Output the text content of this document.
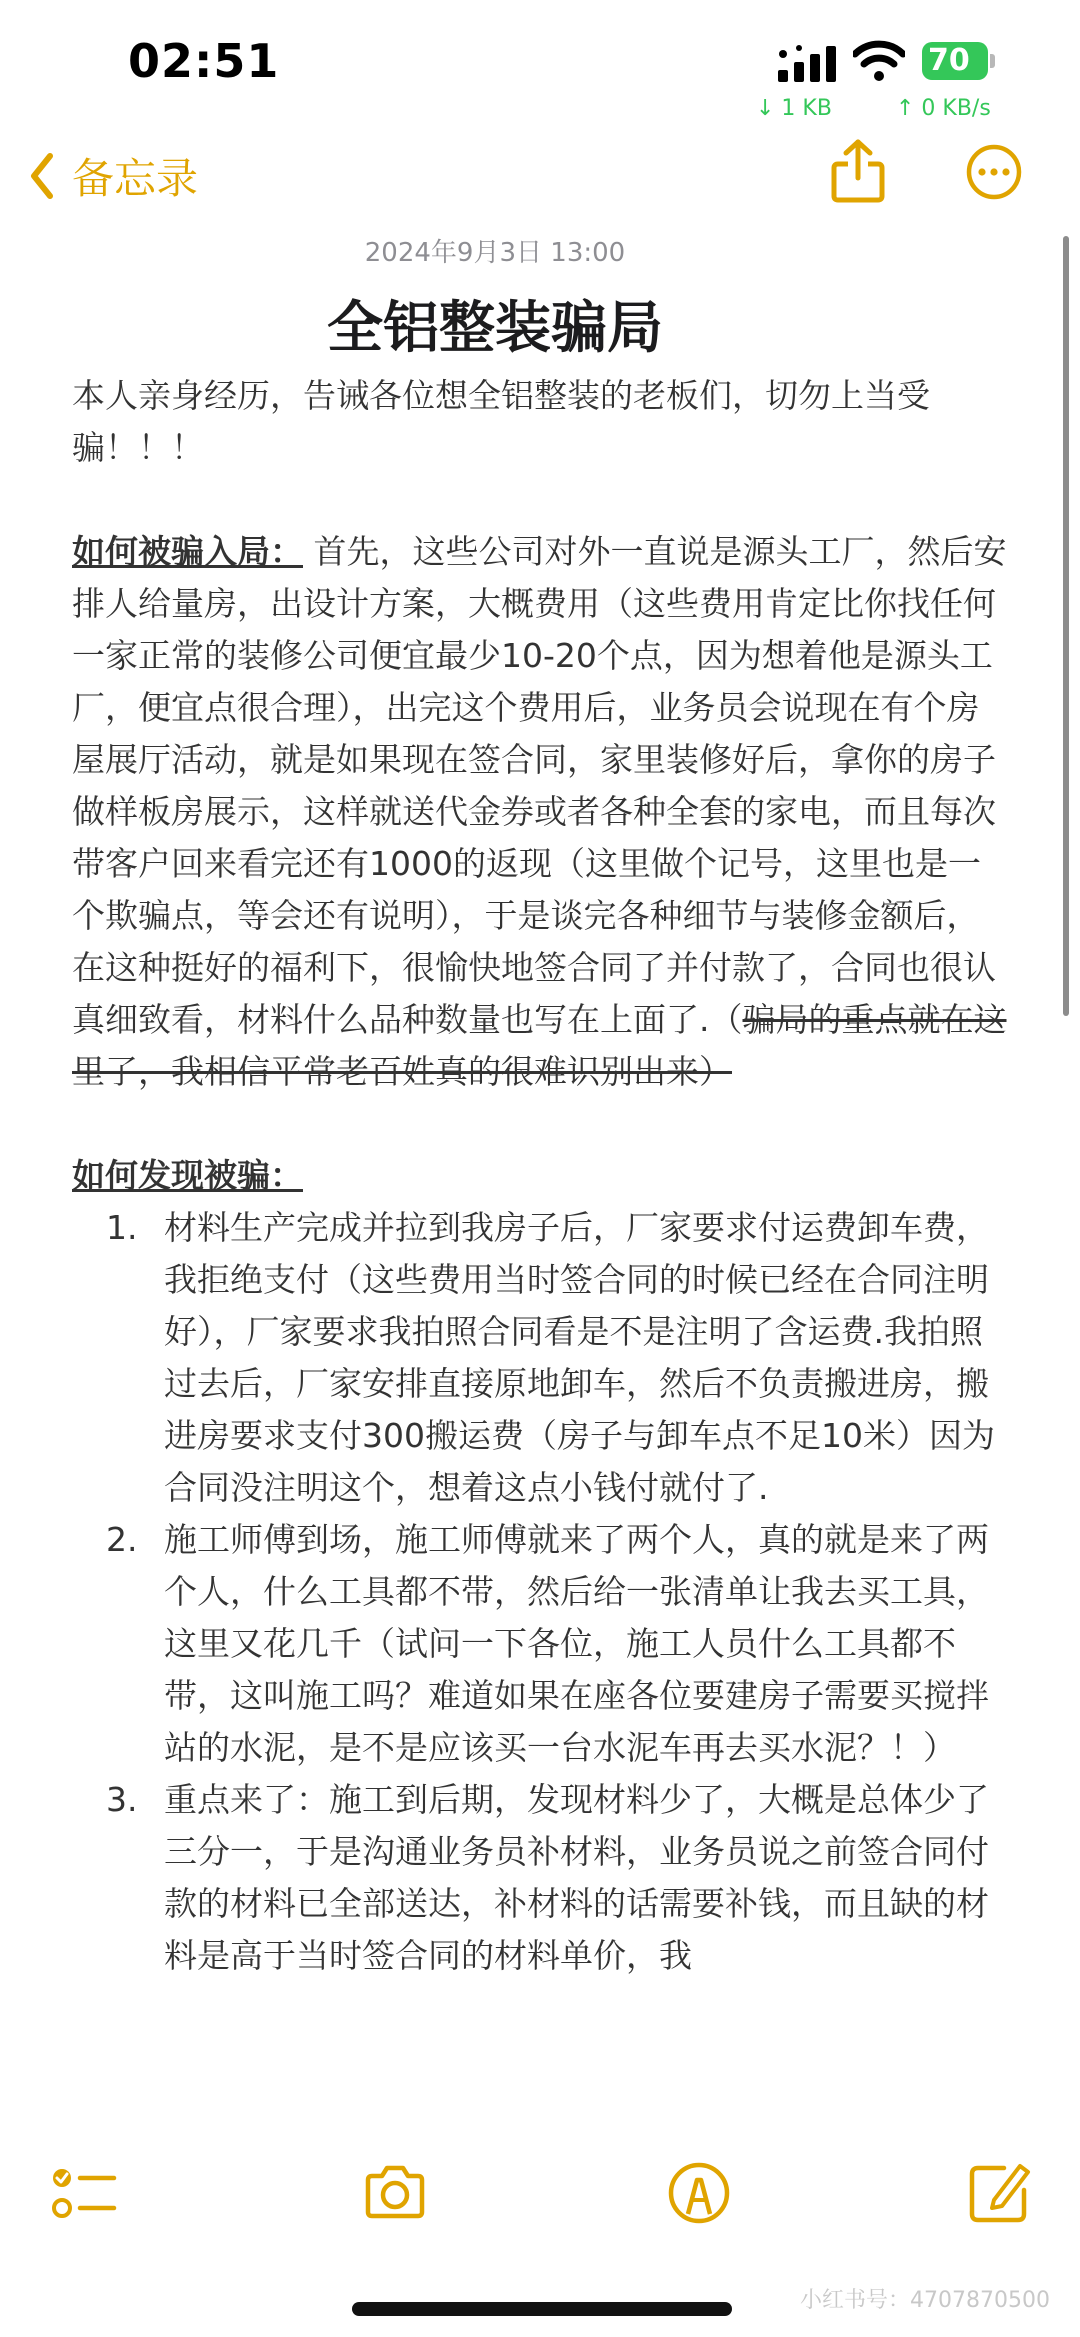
02:51	70
↓ 1 KB	↑ 0 KB/s
备忘录
2024年9月3日 13:00
全铝整装骗局

本人亲身经历，告诫各位想全铝整装的老板们，切勿上当受骗！！！

如何被骗入局： 首先，这些公司对外一直说是源头工厂，然后安排人给量房，出设计方案，大概费用（这些费用肯定比你找任何一家正常的装修公司便宜最少10-20个点，因为想着他是源头工厂，便宜点很合理），出完这个费用后，业务员会说现在有个房屋展厅活动，就是如果现在签合同，家里装修好后，拿你的房子做样板房展示，这样就送代金券或者各种全套的家电，而且每次带客户回来看完还有1000的返现（这里做个记号，这里也是一个欺骗点，等会还有说明），于是谈完各种细节与装修金额后，在这种挺好的福利下，很愉快地签合同了并付款了，合同也很认真细致看，材料什么品种数量也写在上面了.（骗局的重点就在这里了，我相信平常老百姓真的很难识别出来）

如何发现被骗：

1. 材料生产完成并拉到我房子后，厂家要求付运费卸车费，我拒绝支付（这些费用当时签合同的时候已经在合同注明好），厂家要求我拍照合同看是不是注明了含运费.我拍照过去后，厂家安排直接原地卸车，然后不负责搬进房，搬进房要求支付300搬运费（房子与卸车点不足10米）因为合同没注明这个，想着这点小钱付就付了.
2. 施工师傅到场，施工师傅就来了两个人，真的就是来了两个人，什么工具都不带，然后给一张清单让我去买工具，这里又花几千（试问一下各位，施工人员什么工具都不带，这叫施工吗？难道如果在座各位要建房子需要买搅拌站的水泥，是不是应该买一台水泥车再去买水泥？！）
3. 重点来了：施工到后期，发现材料少了，大概是总体少了三分一，于是沟通业务员补材料，业务员说之前签合同付款的材料已全部送达，补材料的话需要补钱，而且缺的材料是高于当时签合同的材料单价，我
小红书号：4707870500
